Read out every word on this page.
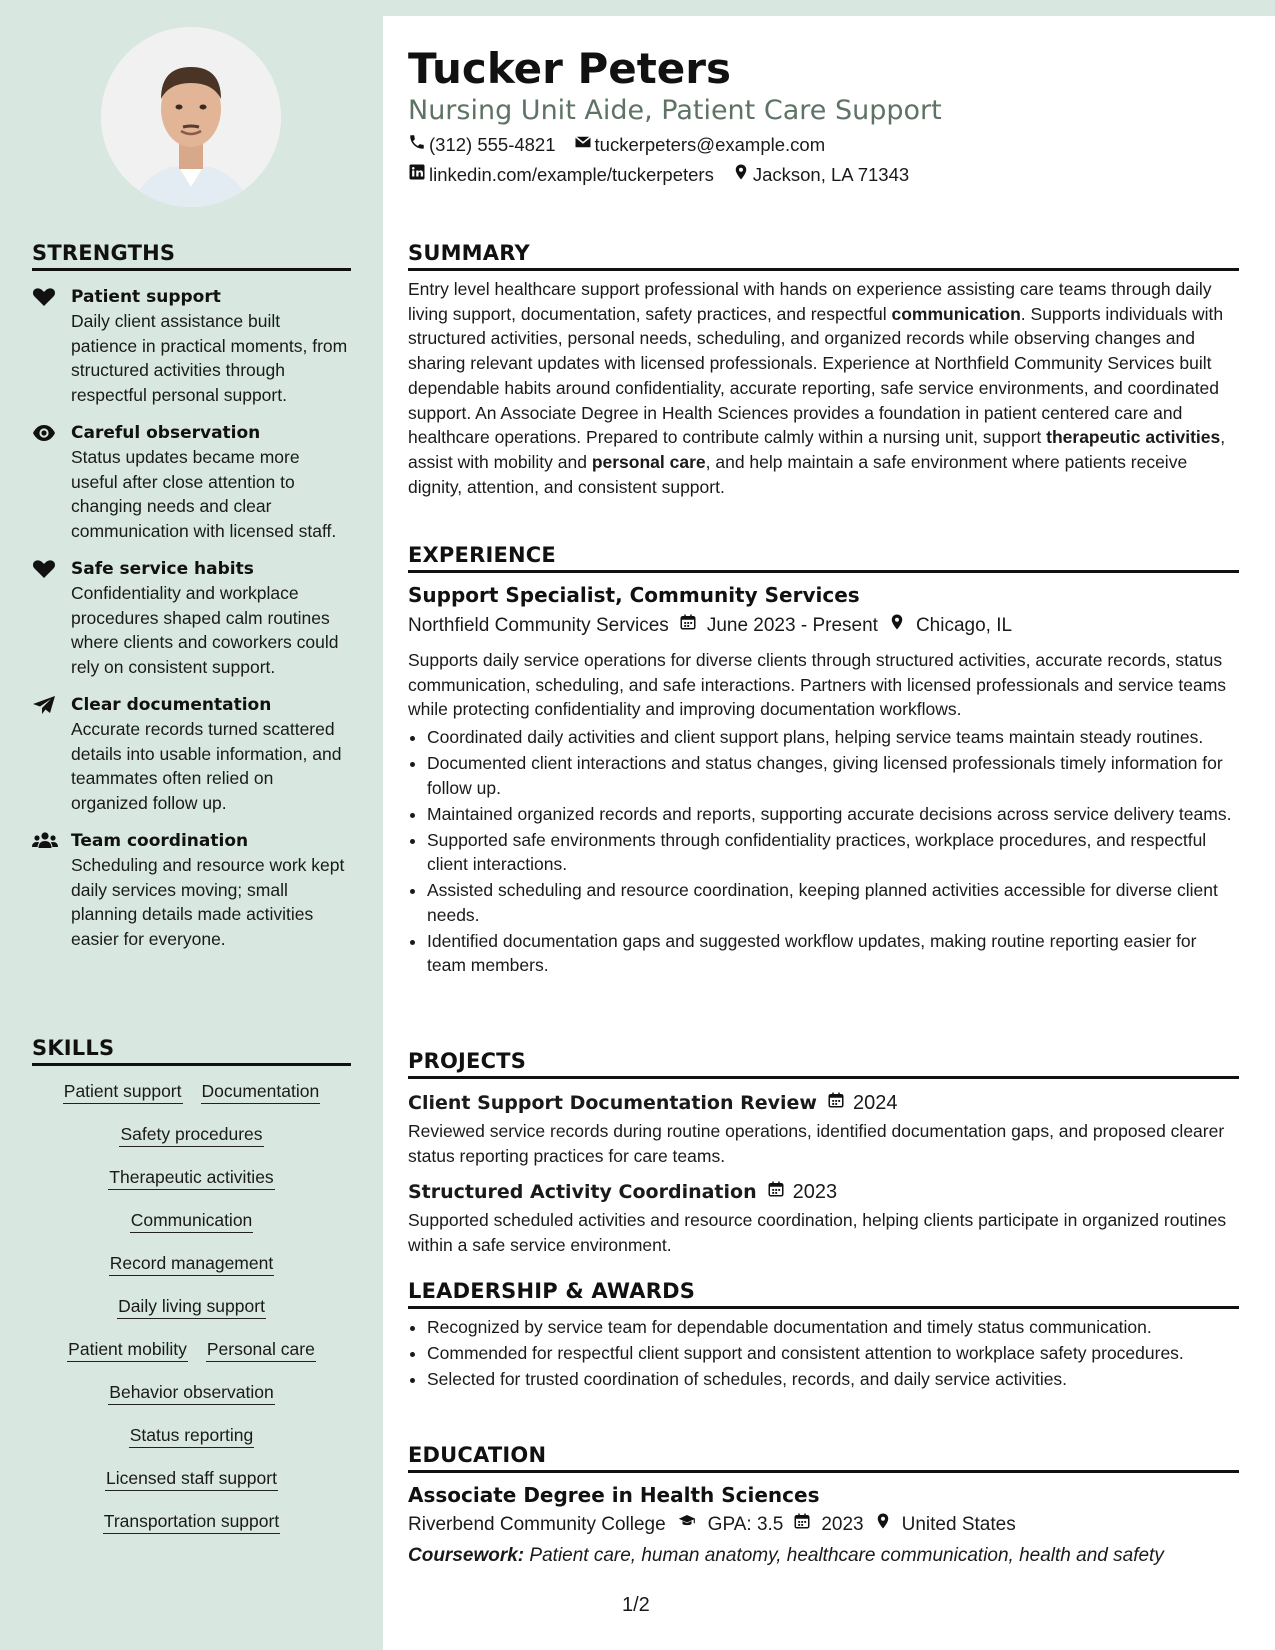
STRENGTHS
Patient support
Daily client assistance built patience in practical moments, from structured activities through respectful personal support.
Careful observation
Status updates became more useful after close attention to changing needs and clear communication with licensed staff.
Safe service habits
Confidentiality and workplace procedures shaped calm routines where clients and coworkers could rely on consistent support.
Clear documentation
Accurate records turned scattered details into usable information, and teammates often relied on organized follow up.
Team coordination
Scheduling and resource work kept daily services moving; small planning details made activities easier for everyone.
SKILLS
Patient support Documentation
Safety procedures
Therapeutic activities
Communication
Record management
Daily living support
Patient mobility Personal care
Behavior observation
Status reporting
Licensed staff support
Transportation support
Tucker Peters
Nursing Unit Aide, Patient Care Support
(312) 555-4821 tuckerpeters@example.com
linkedin.com/example/tuckerpeters Jackson, LA 71343
SUMMARY

Entry level healthcare support professional with hands on experience assisting care teams through daily living support, documentation, safety practices, and respectful communication. Supports individuals with structured activities, personal needs, scheduling, and organized records while observing changes and sharing relevant updates with licensed professionals. Experience at Northfield Community Services built dependable habits around confidentiality, accurate reporting, safe service environments, and coordinated support. An Associate Degree in Health Sciences provides a foundation in patient centered care and healthcare operations. Prepared to contribute calmly within a nursing unit, support therapeutic activities, assist with mobility and personal care, and help maintain a safe environment where patients receive dignity, attention, and consistent support.

EXPERIENCE
Support Specialist, Community Services
Northfield Community Services June 2023 - Present Chicago, IL

Supports daily service operations for diverse clients through structured activities, accurate records, status communication, scheduling, and safe interactions. Partners with licensed professionals and service teams while protecting confidentiality and improving documentation workflows.

• Coordinated daily activities and client support plans, helping service teams maintain steady routines.
• Documented client interactions and status changes, giving licensed professionals timely information for follow up.
• Maintained organized records and reports, supporting accurate decisions across service delivery teams.
• Supported safe environments through confidentiality practices, workplace procedures, and respectful client interactions.
• Assisted scheduling and resource coordination, keeping planned activities accessible for diverse client needs.
• Identified documentation gaps and suggested workflow updates, making routine reporting easier for team members.
PROJECTS
Client Support Documentation Review 2024

Reviewed service records during routine operations, identified documentation gaps, and proposed clearer status reporting practices for care teams.

Structured Activity Coordination 2023

Supported scheduled activities and resource coordination, helping clients participate in organized routines within a safe service environment.

LEADERSHIP & AWARDS
• Recognized by service team for dependable documentation and timely status communication.
• Commended for respectful client support and consistent attention to workplace safety procedures.
• Selected for trusted coordination of schedules, records, and daily service activities.
EDUCATION
Associate Degree in Health Sciences
Riverbend Community College GPA: 3.5 2023 United States
Coursework: Patient care, human anatomy, healthcare communication, health and safety
1/2
